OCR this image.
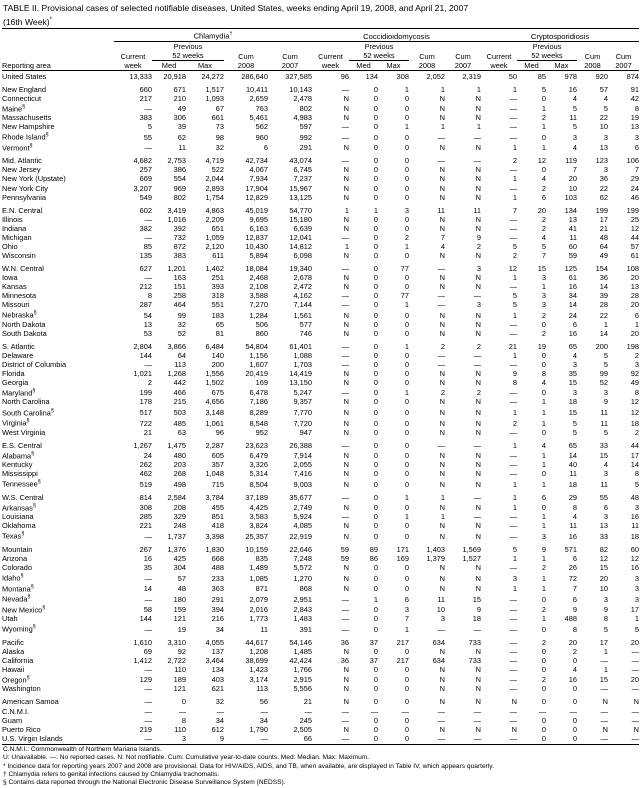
TABLE II. Provisional cases of selected notifiable diseases, United States, weeks ending April 19, 2008, and April 21, 2007
(16th Week)*

	Chlamydia†					Coccidioidomycosis					Cryptosporidiosis				
		Previous					Previous					Previous			
	Current	52 weeks		Cum	Cum	Current	52 weeks		Cum	Cum	Current	52 weeks		Cum	Cum
Reporting area	week	Med	Max	2008	2007	week	Med	Max	2008	2007	week	Med	Max	2008	2007

United States	13,333	20,918	24,272	286,640	327,585	96	134	308	2,052	2,319	50	85	978	920	874

New England	660	671	1,517	10,411	10,143	—	0	1	1	1	1	5	16	57	91
Connecticut	217	210	1,093	2,659	2,478	N	0	0	N	N	—	0	4	4	42
Maine§	—	49	67	763	802	N	0	0	N	N	—	1	5	5	8
Massachusetts	383	306	661	5,461	4,983	N	0	0	N	N	—	2	11	22	19
New Hampshire	5	39	73	562	597	—	0	1	1	1	—	1	5	10	13
Rhode Island§	55	62	98	960	992	—	0	0	—	—	—	0	3	3	3
Vermont§	—	11	32	6	291	N	0	0	N	N	1	1	4	13	6

Mid. Atlantic	4,682	2,753	4,719	42,734	43,074	—	0	0	—	—	2	12	119	123	106
New Jersey	257	386	522	4,067	6,745	N	0	0	N	N	—	0	7	3	7
New York (Upstate)	669	554	2,044	7,934	7,237	N	0	0	N	N	1	4	20	36	29
New York City	3,207	969	2,893	17,904	15,967	N	0	0	N	N	—	2	10	22	24
Pennsylvania	549	802	1,754	12,829	13,125	N	0	0	N	N	1	6	103	62	46

E.N. Central	602	3,419	4,863	45,019	54,770	1	1	3	11	11	7	20	134	199	199
Illinois	—	1,016	2,209	9,695	15,180	N	0	0	N	N	—	2	13	17	25
Indiana	382	392	651	6,163	6,639	N	0	0	N	N	—	2	41	21	12
Michigan	—	732	1,059	12,837	12,041	—	0	2	7	9	—	4	11	48	44
Ohio	85	872	2,120	10,430	14,812	1	0	1	4	2	5	5	60	64	57
Wisconsin	135	383	611	5,894	6,098	N	0	0	N	N	2	7	59	49	61

W.N. Central	627	1,201	1,462	18,084	19,340	—	0	77	—	3	12	15	125	154	108
Iowa	—	163	251	2,468	2,678	N	0	0	N	N	1	3	61	36	20
Kansas	212	151	393	2,108	2,472	N	0	0	N	N	—	1	16	14	13
Minnesota	8	258	318	3,588	4,162	—	0	77	—	—	5	3	34	39	28
Missouri	287	464	551	7,270	7,144	—	0	1	—	3	5	3	14	28	20
Nebraska§	54	99	183	1,284	1,561	N	0	0	N	N	1	2	24	22	6
North Dakota	13	32	65	506	577	N	0	0	N	N	—	0	6	1	1
South Dakota	53	52	81	860	746	N	0	0	N	N	—	2	16	14	20

S. Atlantic	2,804	3,866	6,484	54,804	61,401	—	0	1	2	2	21	19	65	200	198
Delaware	144	64	140	1,156	1,088	—	0	0	—	—	1	0	4	5	2
District of Columbia	—	113	200	1,607	1,703	—	0	0	—	—	—	0	3	5	3
Florida	1,021	1,268	1,556	20,419	14,419	N	0	0	N	N	9	8	35	99	92
Georgia	2	442	1,502	169	13,150	N	0	0	N	N	8	4	15	52	49
Maryland§	199	466	675	6,478	5,247	—	0	1	2	2	—	0	3	3	8
North Carolina	178	215	4,656	7,186	9,357	N	0	0	N	N	—	1	18	9	12
South Carolina§	517	503	3,148	8,289	7,770	N	0	0	N	N	1	1	15	11	12
Virginia§	722	485	1,061	8,548	7,720	N	0	0	N	N	2	1	5	11	18
West Virginia	21	63	96	952	947	N	0	0	N	N	—	0	5	5	2

E.S. Central	1,267	1,475	2,287	23,623	26,388	—	0	0	—	—	1	4	65	33	44
Alabama§	24	480	605	6,479	7,914	N	0	0	N	N	—	1	14	15	17
Kentucky	262	203	357	3,326	2,055	N	0	0	N	N	—	1	40	4	14
Mississippi	462	268	1,048	5,314	7,416	N	0	0	N	N	—	0	11	3	8
Tennessee§	519	498	715	8,504	9,003	N	0	0	N	N	1	1	18	11	5

W.S. Central	814	2,584	3,784	37,189	35,677	—	0	1	1	—	1	6	29	55	48
Arkansas§	308	208	455	4,425	2,749	N	0	0	N	N	1	0	8	6	3
Louisiana	285	329	851	3,583	5,924	—	0	1	1	—	—	1	4	3	16
Oklahoma	221	248	418	3,824	4,085	N	0	0	N	N	—	1	11	13	11
Texas§	—	1,737	3,398	25,357	22,919	N	0	0	N	N	—	3	16	33	18

Mountain	267	1,376	1,830	10,159	22,646	59	89	171	1,403	1,569	5	9	571	82	60
Arizona	16	425	668	835	7,248	59	86	169	1,379	1,527	1	1	6	12	12
Colorado	35	304	488	1,489	5,572	N	0	0	N	N	—	2	26	15	16
Idaho§	—	57	233	1,085	1,270	N	0	0	N	N	3	1	72	20	3
Montana§	14	48	363	871	868	N	0	0	N	N	1	1	7	10	3
Nevada§	—	180	291	2,079	2,951	—	1	6	11	15	—	0	6	3	3
New Mexico§	58	159	394	2,016	2,843	—	0	3	10	9	—	2	9	9	17
Utah	144	121	216	1,773	1,483	—	0	7	3	18	—	1	488	8	1
Wyoming§	—	19	34	11	391	—	0	1	—	—	—	0	8	5	5

Pacific	1,610	3,310	4,055	44,617	54,146	36	37	217	634	733	—	2	20	17	20
Alaska	69	92	137	1,208	1,485	N	0	0	N	N	—	0	2	1	—
California	1,412	2,722	3,464	38,699	42,424	36	37	217	634	733	—	0	0	—	—
Hawaii	—	110	134	1,423	1,766	N	0	0	N	N	—	0	4	1	—
Oregon§	129	189	403	3,174	2,915	N	0	0	N	N	—	2	16	15	20
Washington	—	121	621	113	5,556	N	0	0	N	N	—	0	0	—	—

American Samoa	—	0	32	56	21	N	0	0	N	N	N	0	0	N	N
C.N.M.I.	—	—	—	—	—	—	—	—	—	—	—	—	—	—	—
Guam	—	8	34	34	245	—	0	0	—	—	—	0	0	—	—
Puerto Rico	219	110	612	1,790	2,505	N	0	0	N	N	N	0	0	N	N
U.S. Virgin Islands	—	3	9	—	66	—	0	0	—	—	—	0	0	—	—
C.N.M.I.: Commonwealth of Northern Mariana Islands.
U: Unavailable. —: No reported cases. N: Not notifiable. Cum: Cumulative year-to-date counts. Med: Median. Max: Maximum.
* Incidence data for reporting years 2007 and 2008 are provisional. Data for HIV/AIDS, AIDS, and TB, when available, are displayed in Table IV, which appears quarterly.
† Chlamydia refers to genital infections caused by Chlamydia trachomatis.
§ Contains data reported through the National Electronic Disease Surveillance System (NEDSS).
